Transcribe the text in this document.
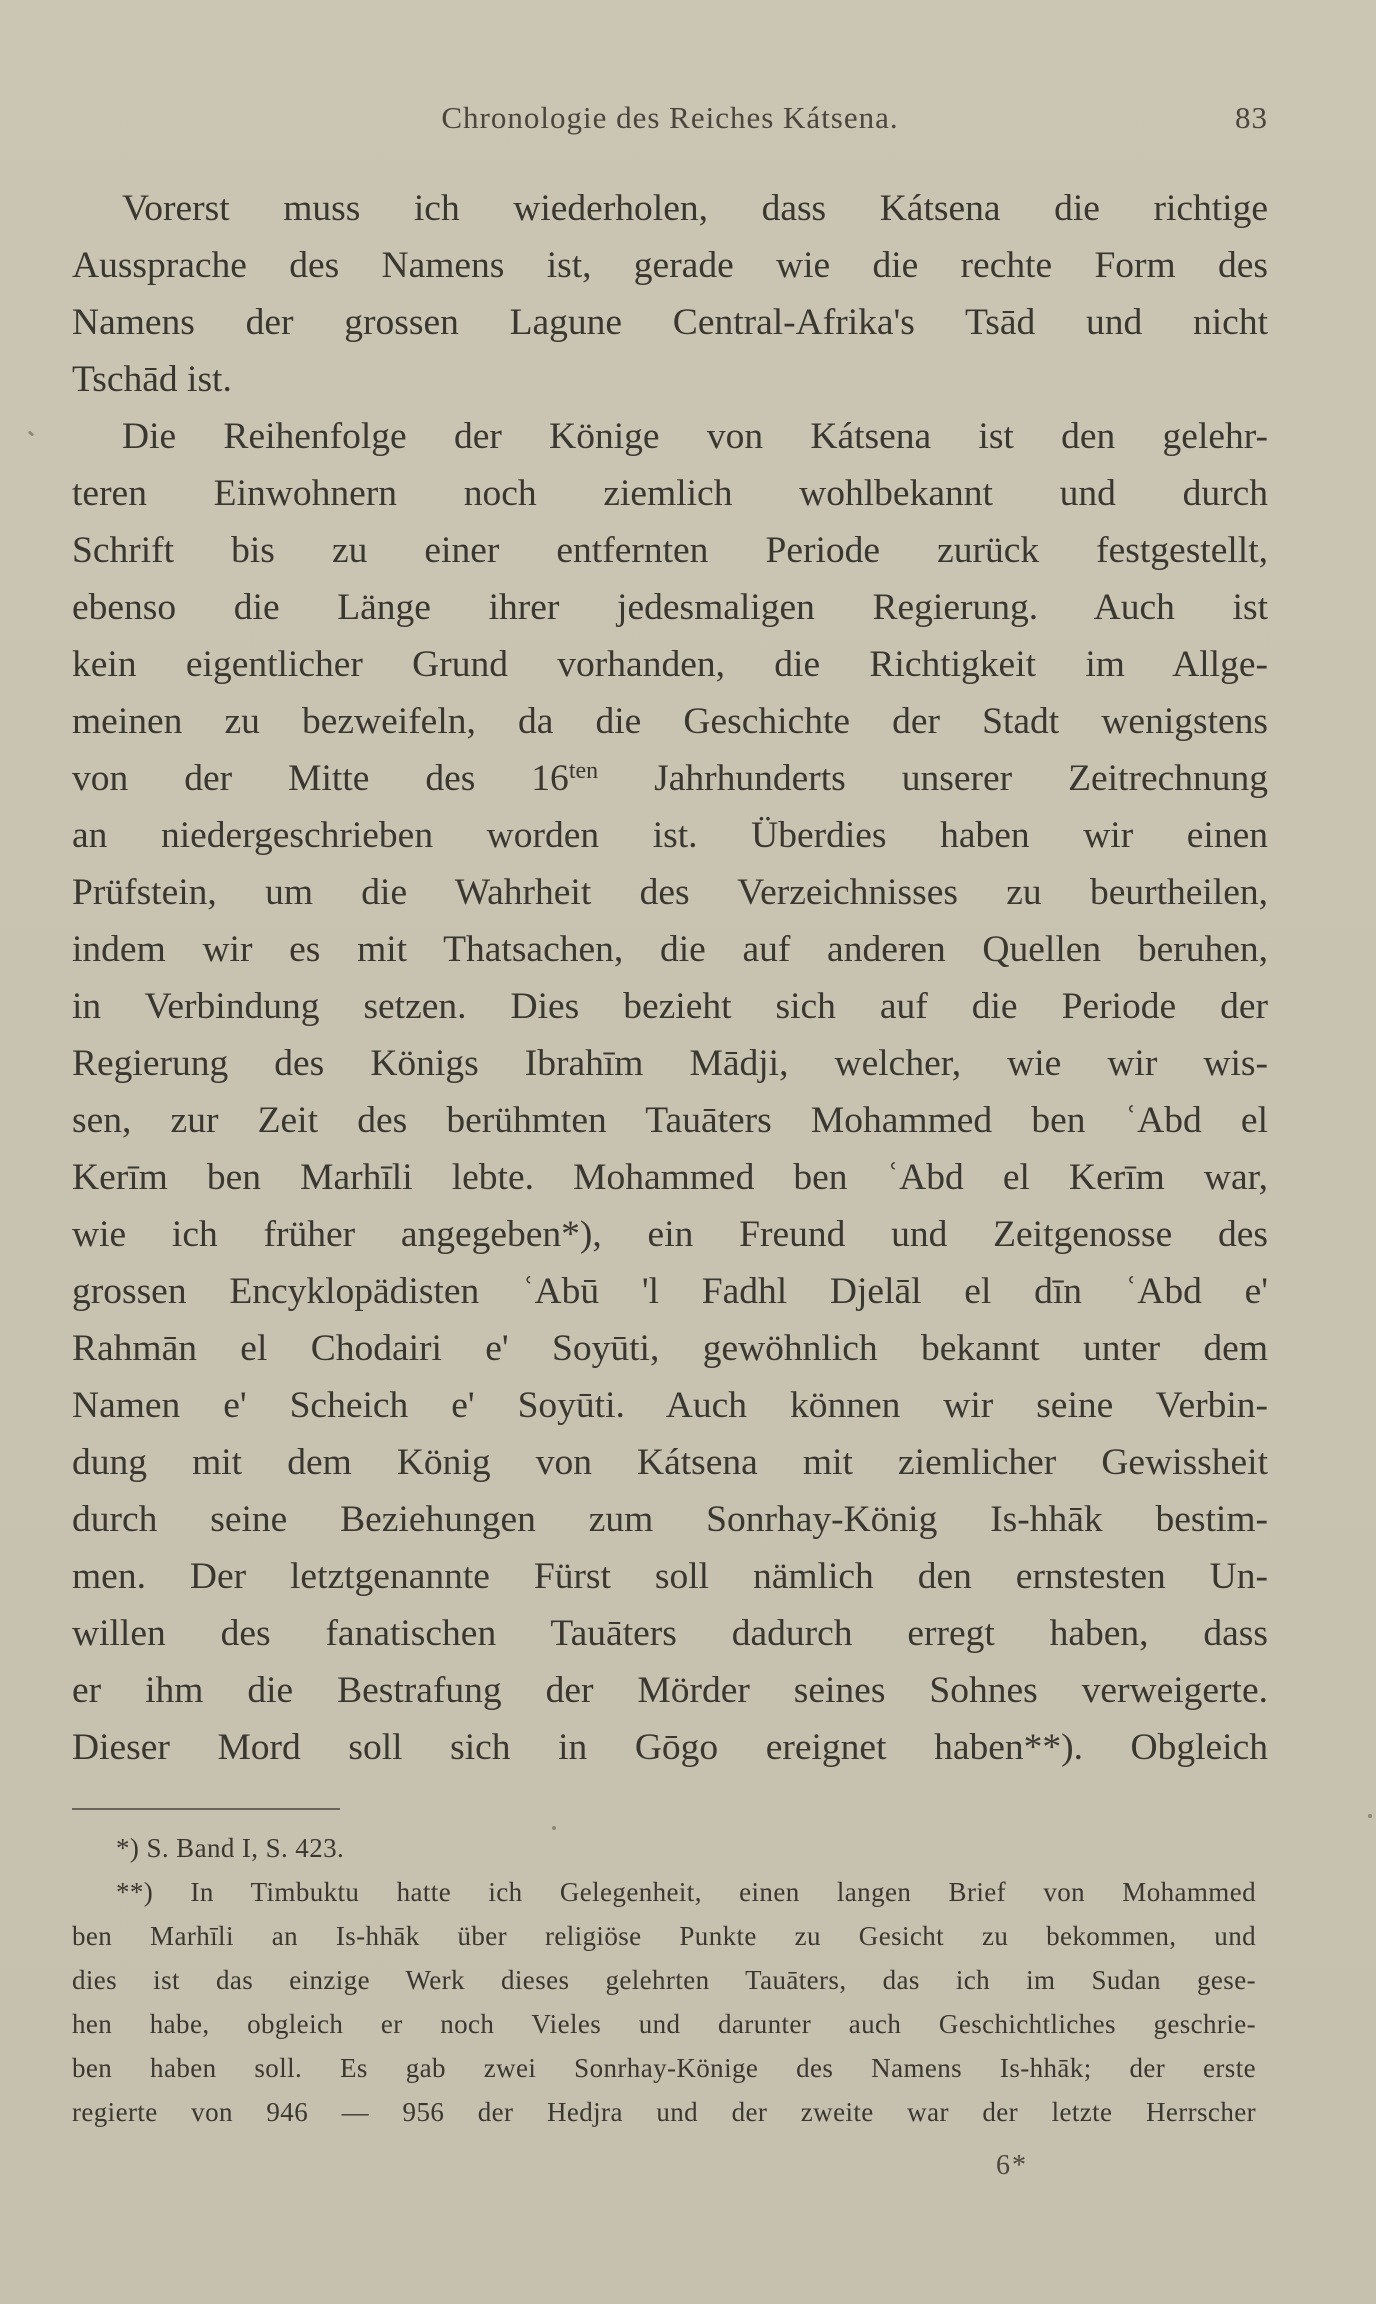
Chronologie des Reiches Kátsena.	83
Vorerst muss ich wiederholen, dass Kátsena die richtige
Aussprache des Namens ist, gerade wie die rechte Form des
Namens der grossen Lagune Central-Afrika's Tsād und nicht
Tschād ist.
Die Reihenfolge der Könige von Kátsena ist den gelehr-
teren Einwohnern noch ziemlich wohlbekannt und durch
Schrift bis zu einer entfernten Periode zurück festgestellt,
ebenso die Länge ihrer jedesmaligen Regierung. Auch ist
kein eigentlicher Grund vorhanden, die Richtigkeit im Allge-
meinen zu bezweifeln, da die Geschichte der Stadt wenigstens
von der Mitte des $16^{ten}$ Jahrhunderts unserer Zeitrechnung
an niedergeschrieben worden ist. Überdies haben wir einen
Prüfstein, um die Wahrheit des Verzeichnisses zu beurtheilen,
indem wir es mit Thatsachen, die auf anderen Quellen beruhen,
in Verbindung setzen. Dies bezieht sich auf die Periode der
Regierung des Königs Ibrahīm Mādji, welcher, wie wir wis-
sen, zur Zeit des berühmten Tauāters Mohammed ben ʿAbd el
Kerīm ben Marhīli lebte. Mohammed ben ʿAbd el Kerīm war,
wie ich früher angegeben*), ein Freund und Zeitgenosse des
grossen Encyklopädisten ʿAbū 'l Fadhl Djelāl el dīn ʿAbd e'
Rahmān el Chodairi e' Soyūti, gewöhnlich bekannt unter dem
Namen e' Scheich e' Soyūti. Auch können wir seine Verbin-
dung mit dem König von Kátsena mit ziemlicher Gewissheit
durch seine Beziehungen zum Sonrhay-König Is-hhāk bestim-
men. Der letztgenannte Fürst soll nämlich den ernstesten Un-
willen des fanatischen Tauāters dadurch erregt haben, dass
er ihm die Bestrafung der Mörder seines Sohnes verweigerte.
Dieser Mord soll sich in Gōgo ereignet haben**). Obgleich
*) S. Band I, S. 423.
**) In Timbuktu hatte ich Gelegenheit, einen langen Brief von Mohammed
ben Marhīli an Is-hhāk über religiöse Punkte zu Gesicht zu bekommen, und
dies ist das einzige Werk dieses gelehrten Tauāters, das ich im Sudan gese-
hen habe, obgleich er noch Vieles und darunter auch Geschichtliches geschrie-
ben haben soll. Es gab zwei Sonrhay-Könige des Namens Is-hhāk; der erste
regierte von 946 — 956 der Hedjra und der zweite war der letzte Herrscher
6*
